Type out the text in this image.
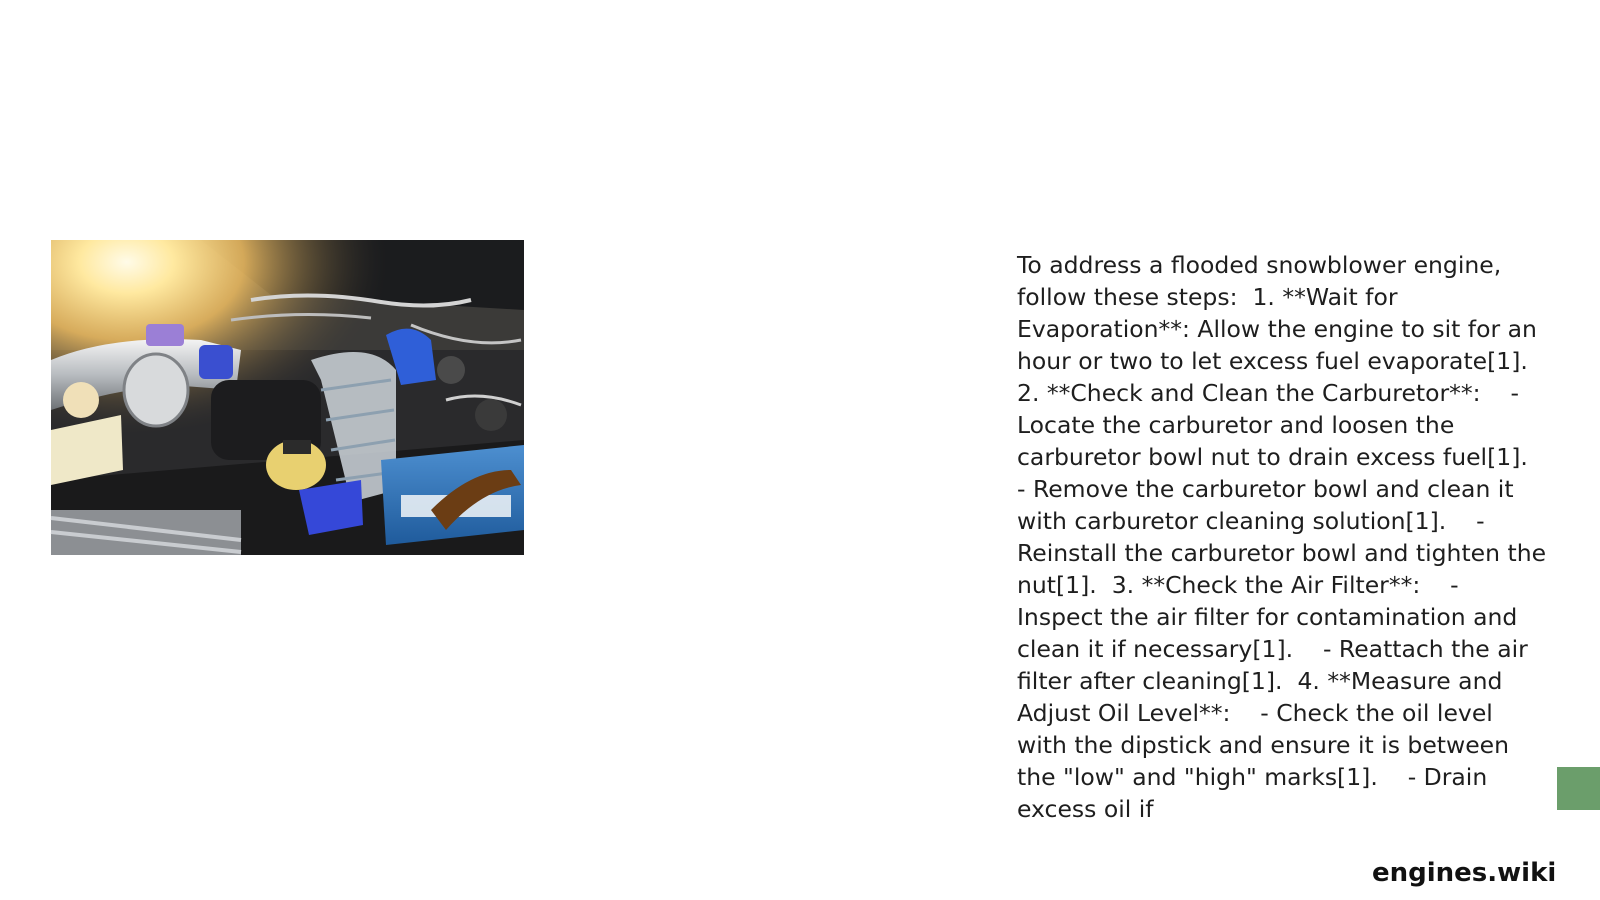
To address a flooded snowblower engine, follow these steps:  1. **Wait for Evaporation**: Allow the engine to sit for an hour or two to let excess fuel evaporate[1]. 2. **Check and Clean the Carburetor**:    - Locate the carburetor and loosen the carburetor bowl nut to drain excess fuel[1].    - Remove the carburetor bowl and clean it with carburetor cleaning solution[1].    - Reinstall the carburetor bowl and tighten the nut[1].  3. **Check the Air Filter**:    - Inspect the air filter for contamination and clean it if necessary[1].    - Reattach the air filter after cleaning[1].  4. **Measure and Adjust Oil Level**:    - Check the oil level with the dipstick and ensure it is between the "low" and "high" marks[1].    - Drain excess oil if

engines.wiki
